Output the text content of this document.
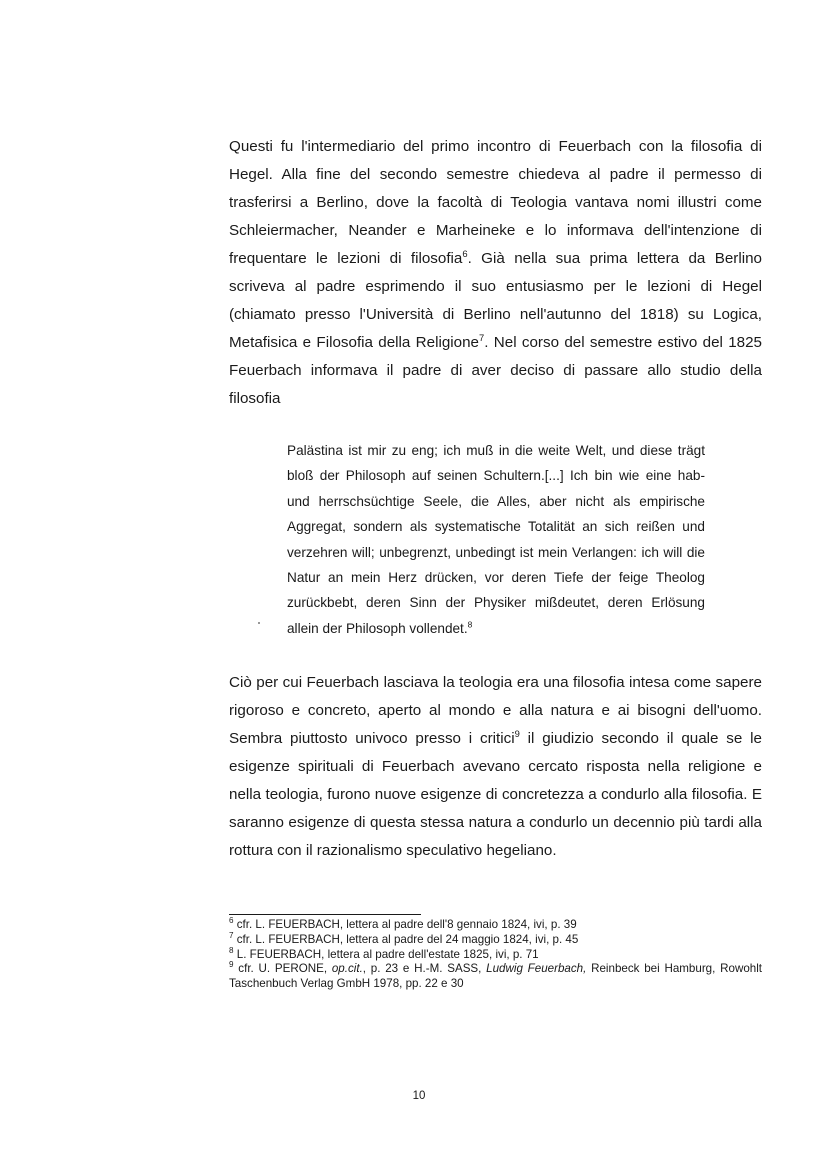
Questi fu l'intermediario del primo incontro di Feuerbach con la filosofia di Hegel. Alla fine del secondo semestre chiedeva al padre il permesso di trasferirsi a Berlino, dove la facoltà di Teologia vantava nomi illustri come Schleiermacher, Neander e Marheineke e lo informava dell'intenzione di frequentare le lezioni di filosofia$^6$. Già nella sua prima lettera da Berlino scriveva al padre esprimendo il suo entusiasmo per le lezioni di Hegel (chiamato presso l'Università di Berlino nell'autunno del 1818) su Logica, Metafisica e Filosofia della Religione$^7$. Nel corso del semestre estivo del 1825 Feuerbach informava il padre di aver deciso di passare allo studio della filosofia

Palästina ist mir zu eng; ich muß in die weite Welt, und diese trägt bloß der Philosoph auf seinen Schultern.[...] Ich bin wie eine hab- und herrschsüchtige Seele, die Alles, aber nicht als empirische Aggregat, sondern als systematische Totalität an sich reißen und verzehren will; unbegrenzt, unbedingt ist mein Verlangen: ich will die Natur an mein Herz drücken, vor deren Tiefe der feige Theolog zurückbebt, deren Sinn der Physiker mißdeutet, deren Erlösung allein der Philosoph vollendet.$^8$

Ciò per cui Feuerbach lasciava la teologia era una filosofia intesa come sapere rigoroso e concreto, aperto al mondo e alla natura e ai bisogni dell'uomo. Sembra piuttosto univoco presso i critici$^9$ il giudizio secondo il quale se le esigenze spirituali di Feuerbach avevano cercato risposta nella religione e nella teologia, furono nuove esigenze di concretezza a condurlo alla filosofia. E saranno esigenze di questa stessa natura a condurlo un decennio più tardi alla rottura con il razionalismo speculativo hegeliano.

$^6$ cfr. L. FEUERBACH, lettera al padre dell'8 gennaio 1824, ivi, p. 39

$^7$ cfr. L. FEUERBACH, lettera al padre del 24 maggio 1824, ivi, p. 45

$^8$ L. FEUERBACH, lettera al padre dell'estate 1825, ivi, p. 71

$^9$ cfr. U. PERONE, op.cit., p. 23 e H.-M. SASS, Ludwig Feuerbach, Reinbeck bei Hamburg, Rowohlt Taschenbuch Verlag GmbH 1978, pp. 22 e 30

10
